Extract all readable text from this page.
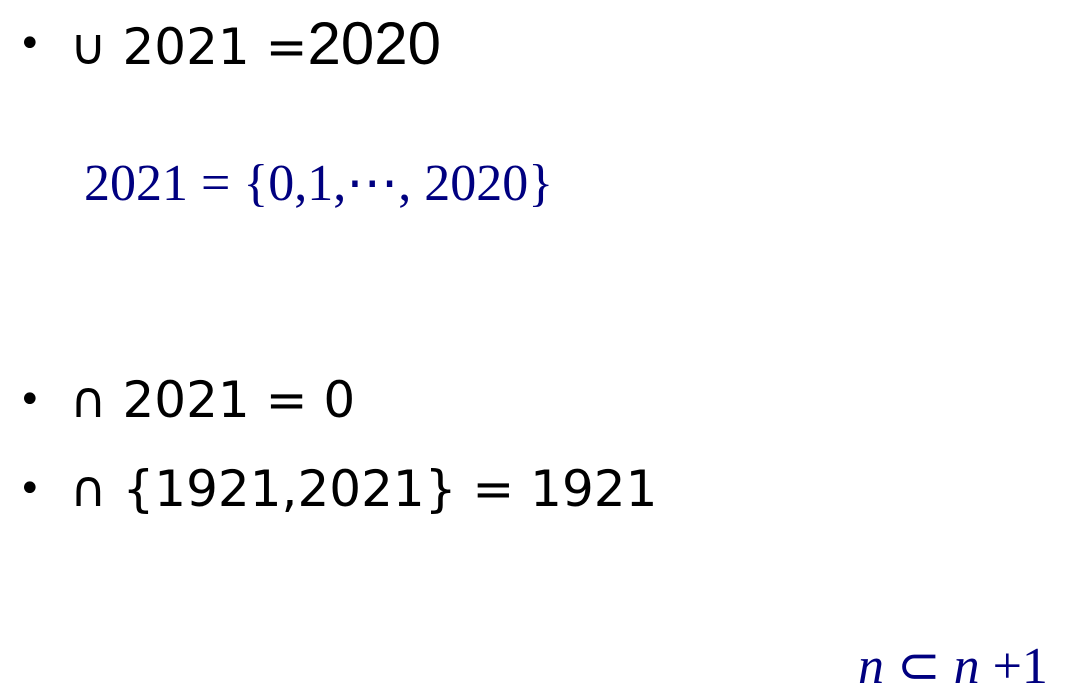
• ∪ 2021 =2020
2021 = {0,1,⋯, 2020}
• ∩ 2021 = 0
• ∩ {1921,2021} = 1921
n ⊂ n +1
